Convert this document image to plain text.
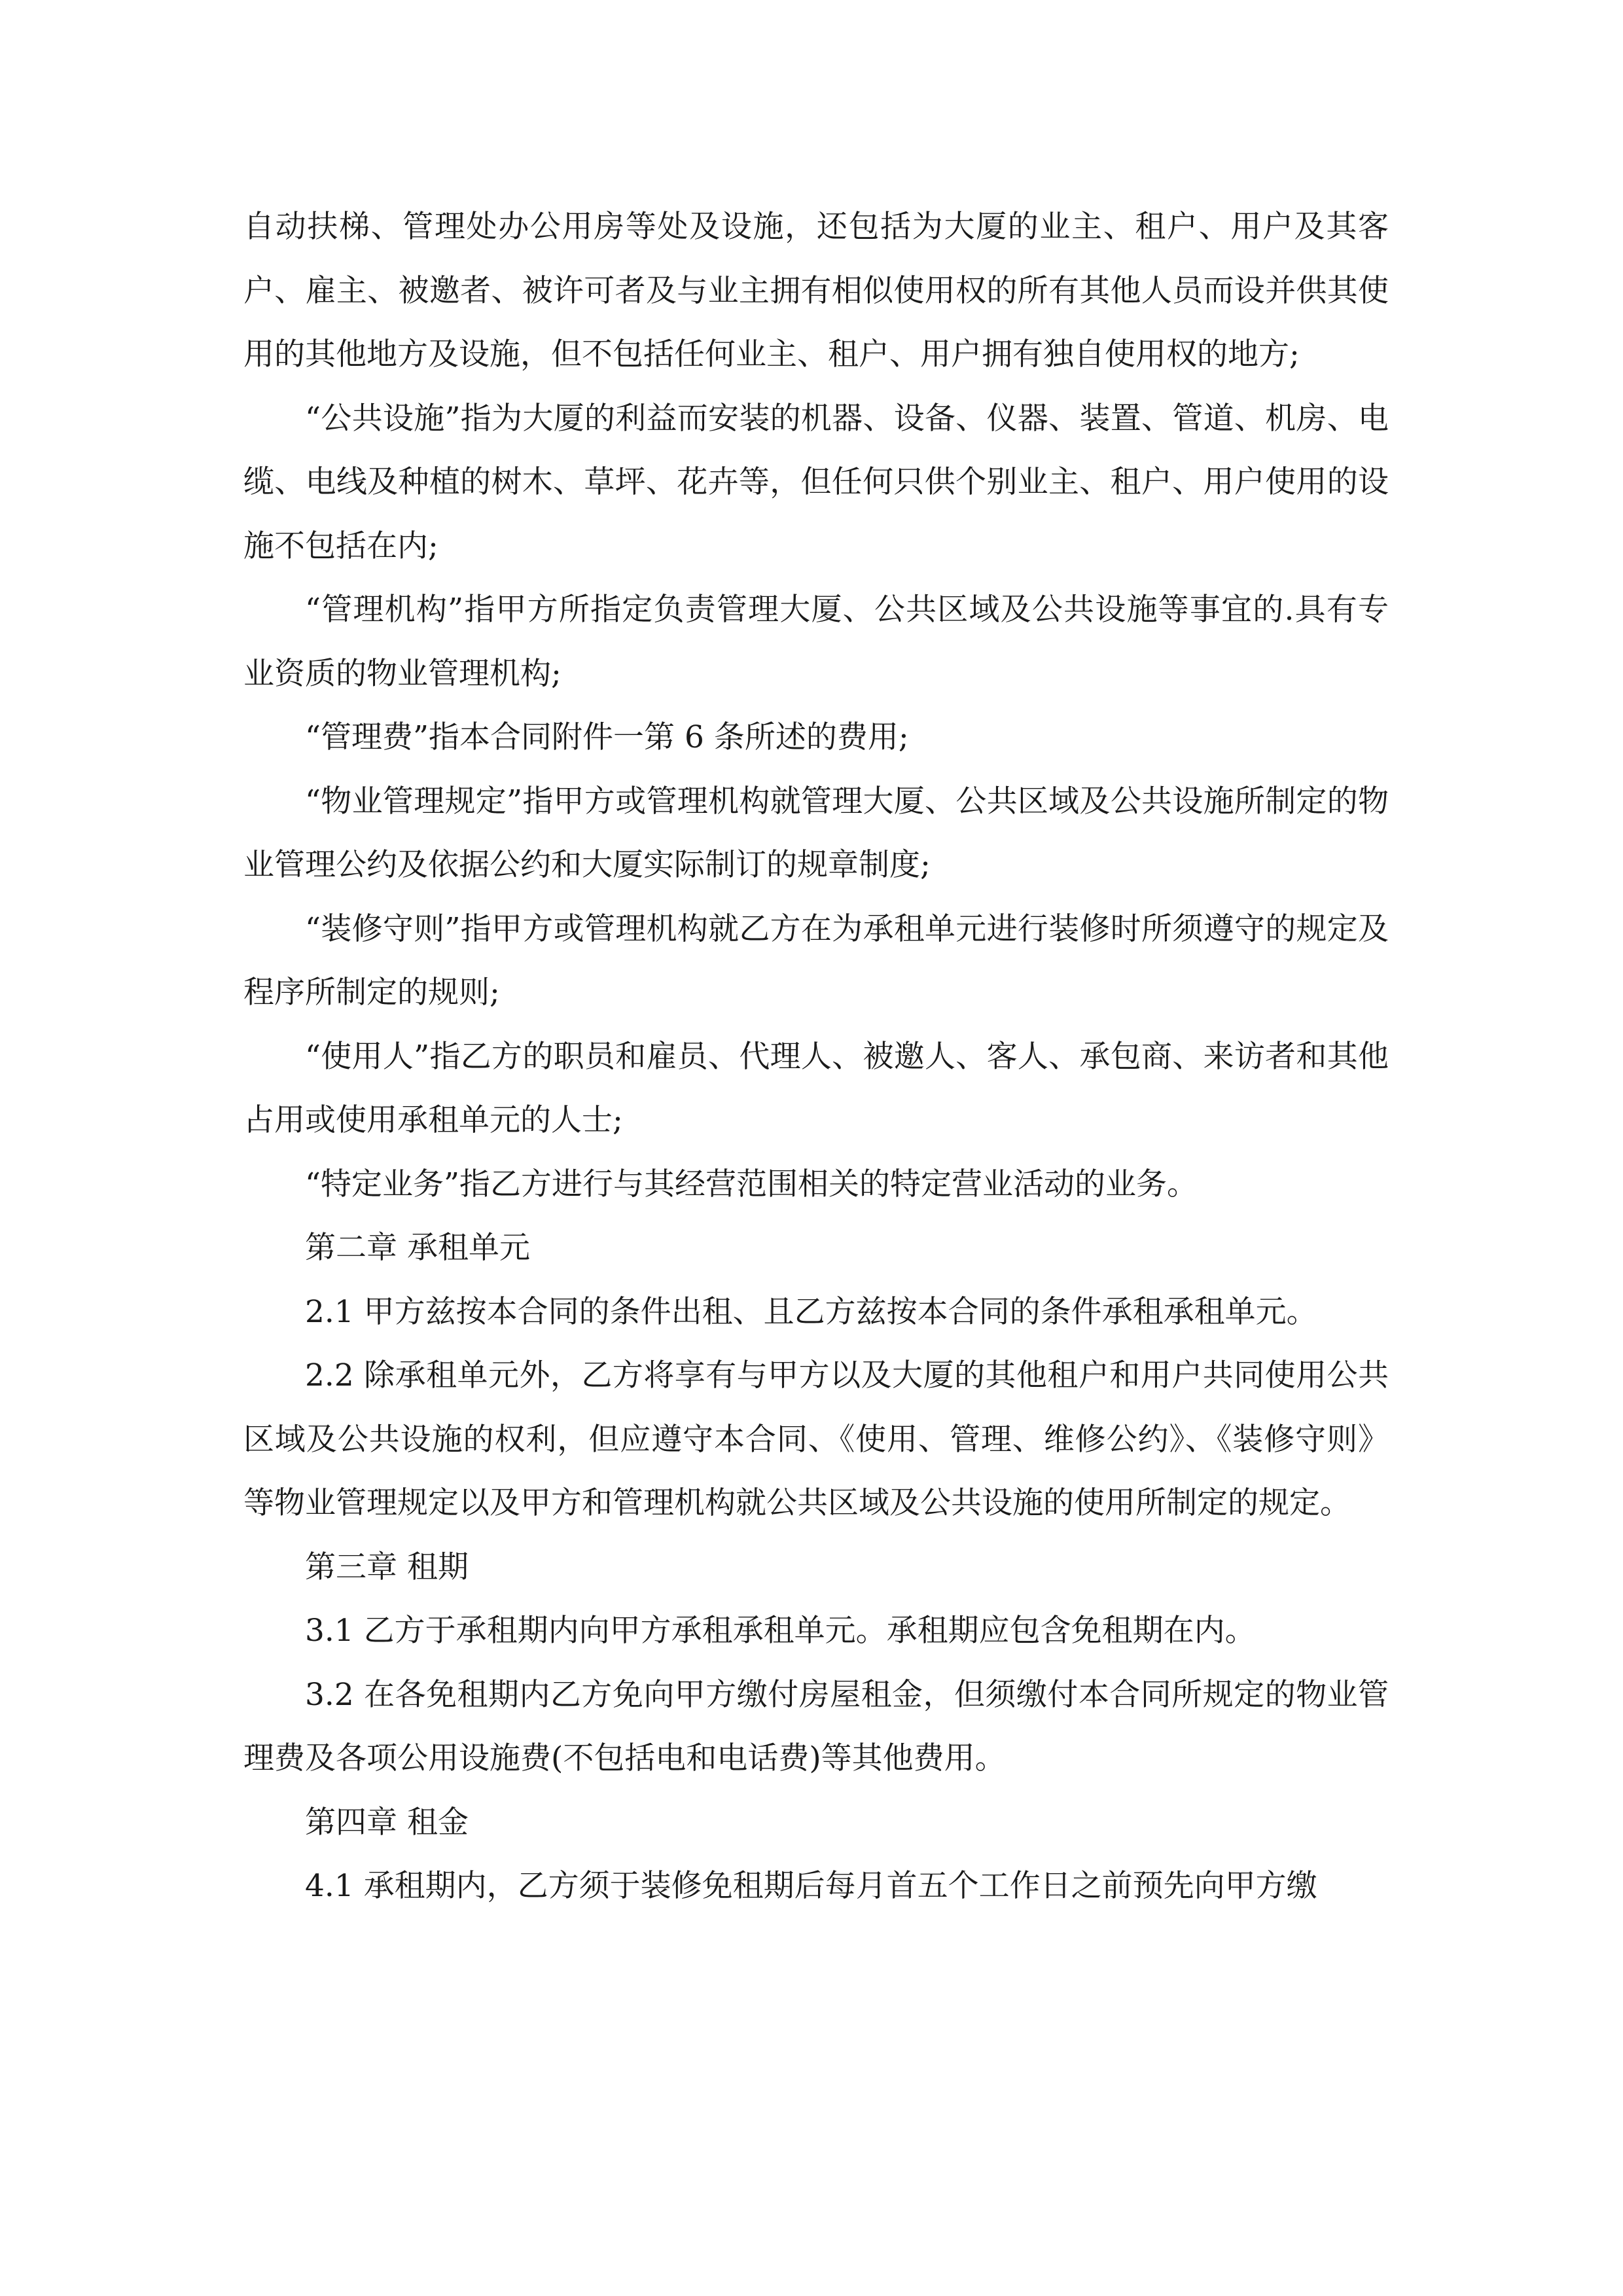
自动扶梯、管理处办公用房等处及设施，还包括为大厦的业主、租户、用户及其客户、雇主、被邀者、被许可者及与业主拥有相似使用权的所有其他人员而设并供其使用的其他地方及设施，但不包括任何业主、租户、用户拥有独自使用权的地方;

“公共设施”指为大厦的利益而安装的机器、设备、仪器、装置、管道、机房、电缆、电线及种植的树木、草坪、花卉等，但任何只供个别业主、租户、用户使用的设施不包括在内;

“管理机构”指甲方所指定负责管理大厦、公共区域及公共设施等事宜的.具有专业资质的物业管理机构;

“管理费”指本合同附件一第 6 条所述的费用;

“物业管理规定”指甲方或管理机构就管理大厦、公共区域及公共设施所制定的物业管理公约及依据公约和大厦实际制订的规章制度;

“装修守则”指甲方或管理机构就乙方在为承租单元进行装修时所须遵守的规定及程序所制定的规则;

“使用人”指乙方的职员和雇员、代理人、被邀人、客人、承包商、来访者和其他占用或使用承租单元的人士;

“特定业务”指乙方进行与其经营范围相关的特定营业活动的业务。

第二章 承租单元

2.1 甲方兹按本合同的条件出租、且乙方兹按本合同的条件承租承租单元。

2.2 除承租单元外，乙方将享有与甲方以及大厦的其他租户和用户共同使用公共区域及公共设施的权利，但应遵守本合同、《使用、管理、维修公约》、《装修守则》等物业管理规定以及甲方和管理机构就公共区域及公共设施的使用所制定的规定。

第三章 租期

3.1 乙方于承租期内向甲方承租承租单元。承租期应包含免租期在内。

3.2 在各免租期内乙方免向甲方缴付房屋租金，但须缴付本合同所规定的物业管理费及各项公用设施费(不包括电和电话费)等其他费用。

第四章 租金

4.1 承租期内，乙方须于装修免租期后每月首五个工作日之前预先向甲方缴
